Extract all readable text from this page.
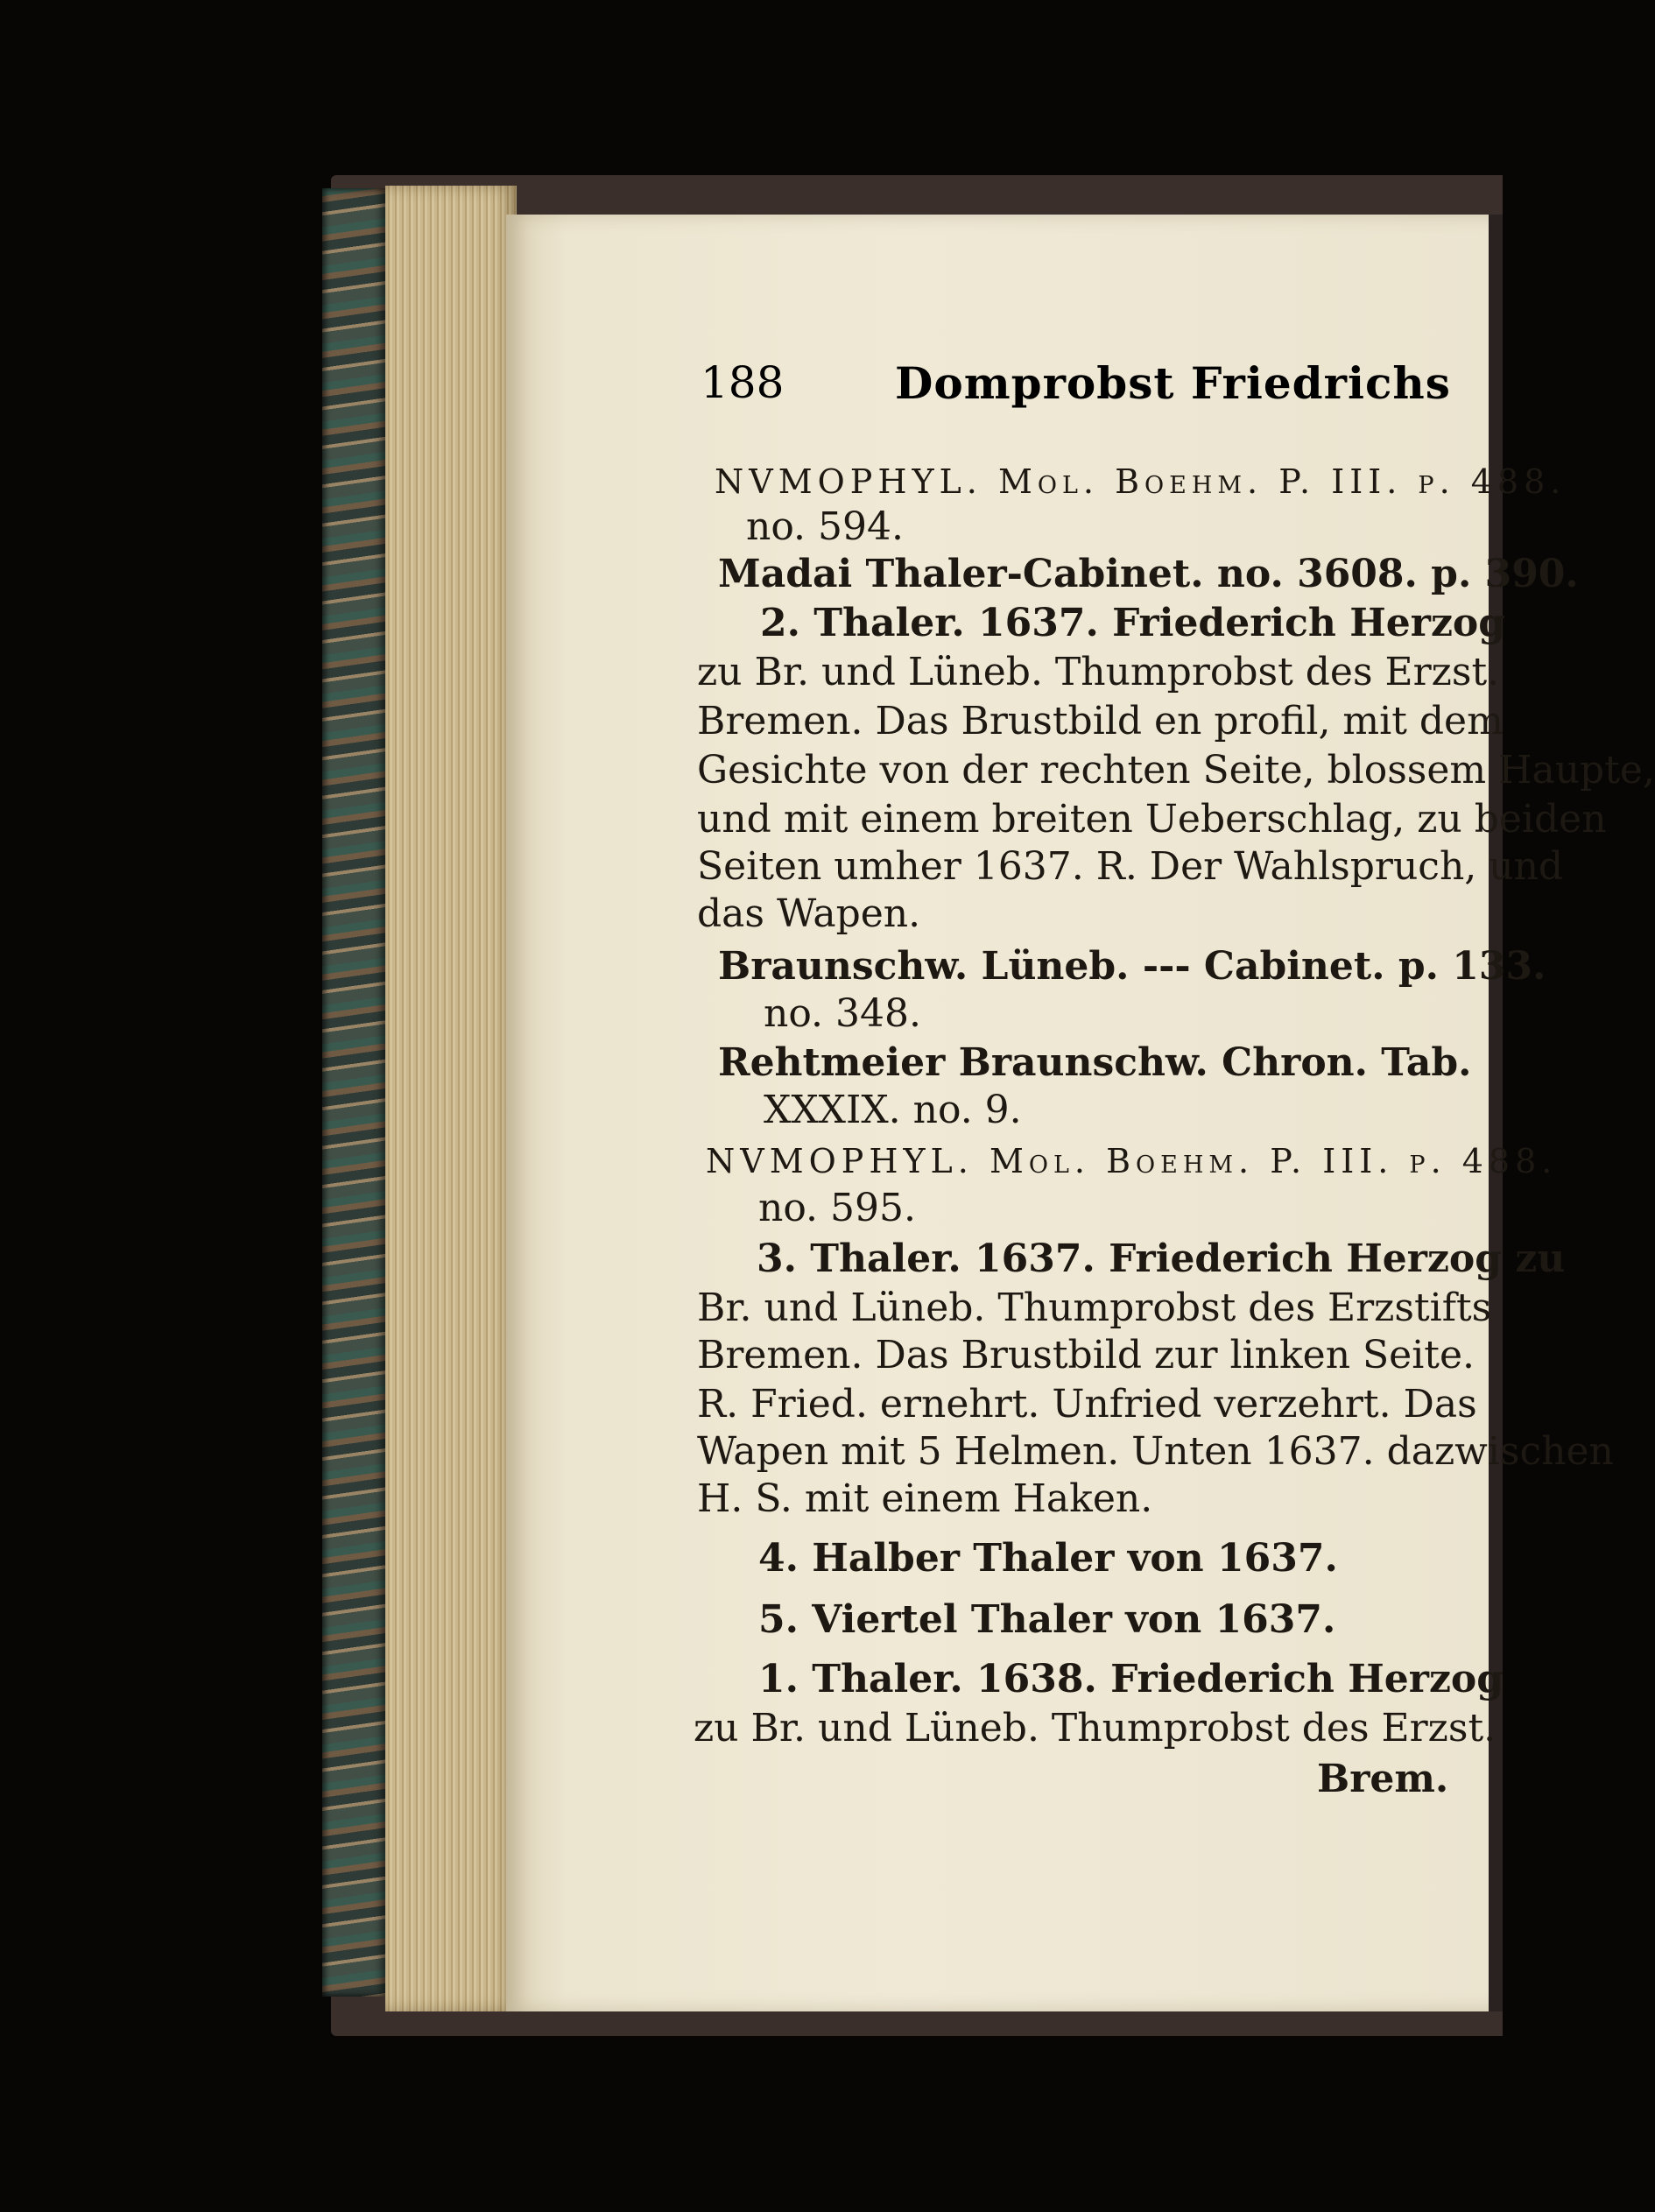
188	Domprobst Friedrichs
NVMOPHYL. Mol. Boehm. P. III. p. 488.
no. 594.
Madai Thaler-Cabinet. no. 3608. p. 390.
2. Thaler. 1637. Friederich Herzog
zu Br. und Lüneb. Thumprobst des Erzst.
Bremen. Das Brustbild en profil, mit dem
Gesichte von der rechten Seite, blossem Haupte,
und mit einem breiten Ueberschlag, zu beiden
Seiten umher 1637. R. Der Wahlspruch, und
das Wapen.
Braunschw. Lüneb. --- Cabinet. p. 133.
no. 348.
Rehtmeier Braunschw. Chron. Tab.
XXXIX. no. 9.
NVMOPHYL. Mol. Boehm. P. III. p. 488.
no. 595.
3. Thaler. 1637. Friederich Herzog zu
Br. und Lüneb. Thumprobst des Erzstifts
Bremen. Das Brustbild zur linken Seite.
R. Fried. ernehrt. Unfried verzehrt. Das
Wapen mit 5 Helmen. Unten 1637. dazwischen
H. S. mit einem Haken.
4. Halber Thaler von 1637.
5. Viertel Thaler von 1637.
1. Thaler. 1638. Friederich Herzog
zu Br. und Lüneb. Thumprobst des Erzst.
Brem.
